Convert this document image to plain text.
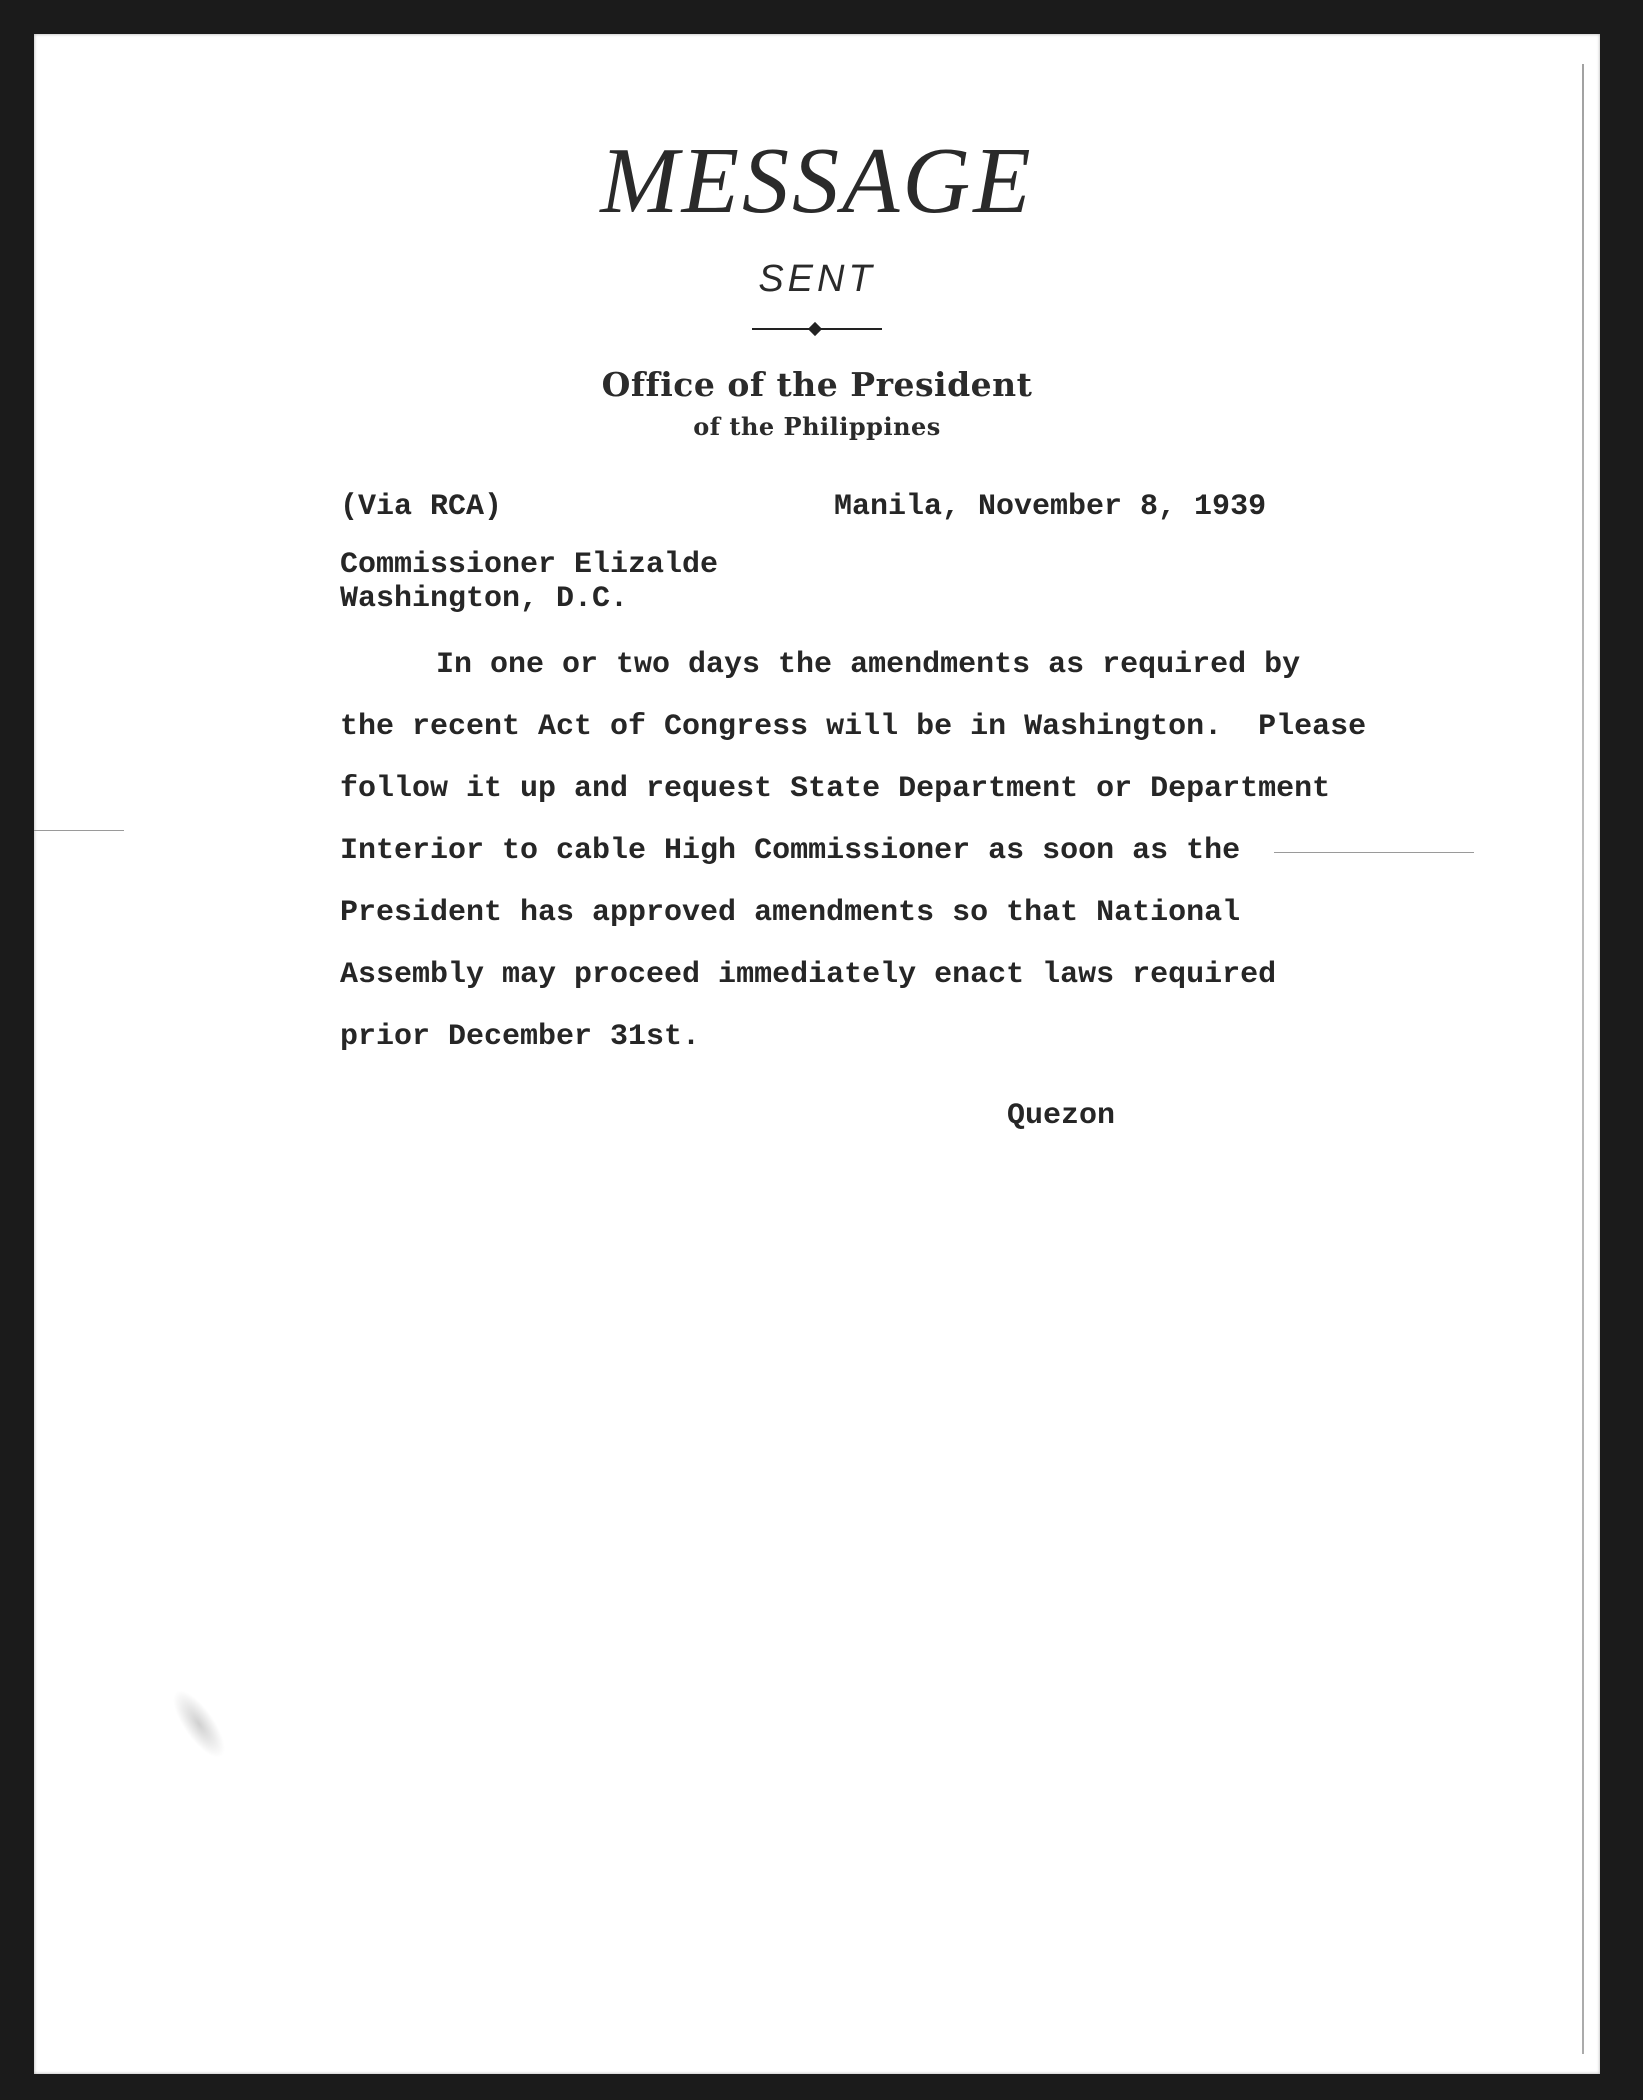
MESSAGE
SENT
Office of the President
of the Philippines
(Via RCA)	Manila, November 8, 1939
Commissioner Elizalde
Washington, D.C.
In one or two days the amendments as required by
the recent Act of Congress will be in Washington.  Please
follow it up and request State Department or Department
Interior to cable High Commissioner as soon as the
President has approved amendments so that National
Assembly may proceed immediately enact laws required
prior December 31st.
Quezon
